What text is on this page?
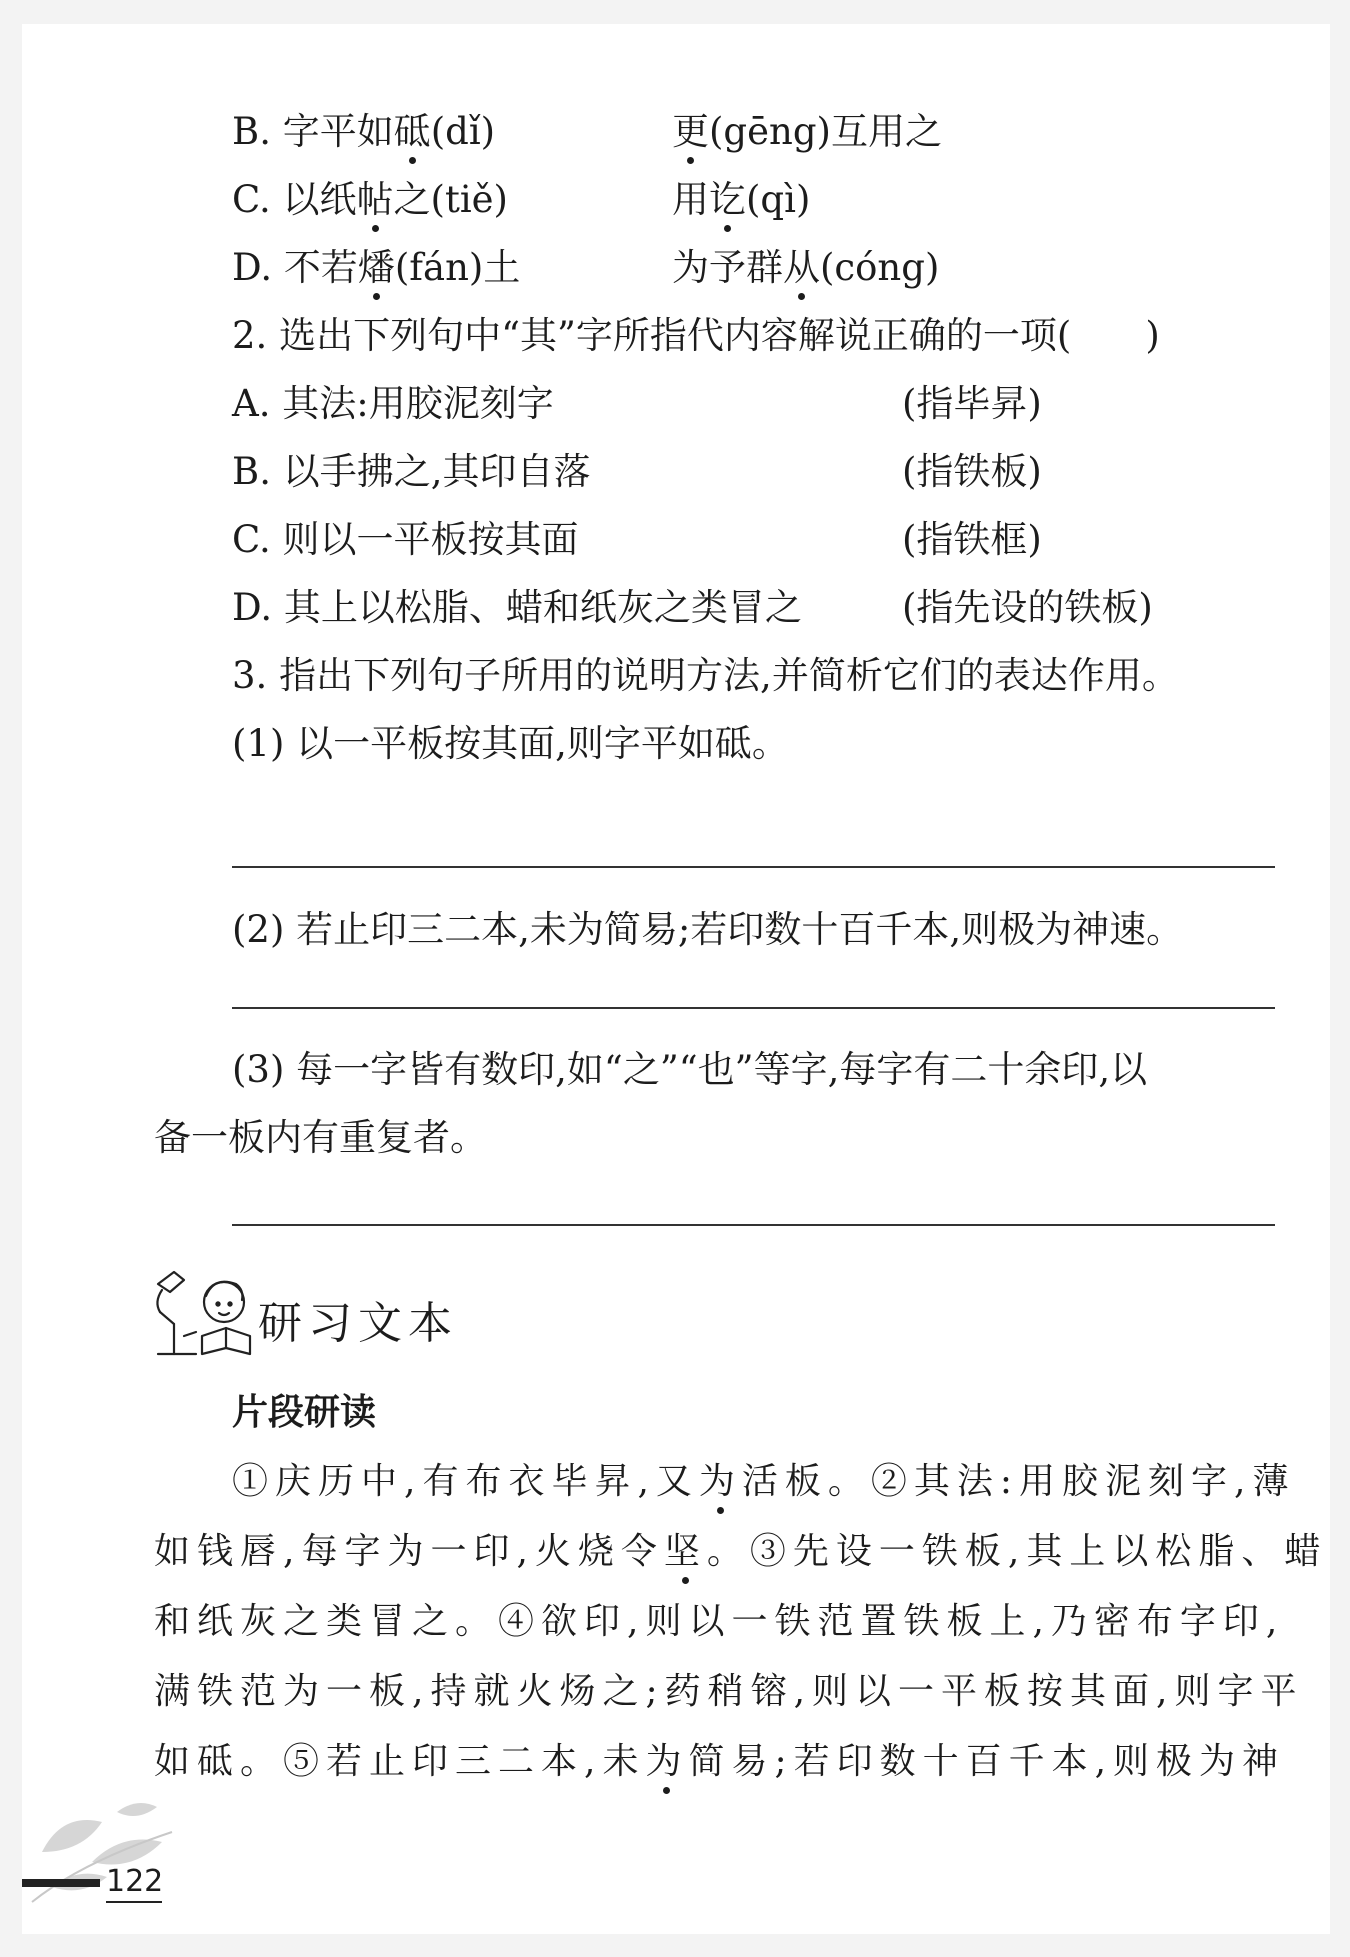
B. 字平如砥(dǐ)	更(gēng)互用之
C. 以纸帖之(tiě)	用讫(qì)
D. 不若燔(fán)土	为予群从(cóng)
2. 选出下列句中“其”字所指代内容解说正确的一项(　　)
A. 其法:用胶泥刻字	(指毕昇)
B. 以手拂之,其印自落	(指铁板)
C. 则以一平板按其面	(指铁框)
D. 其上以松脂、蜡和纸灰之类冒之	(指先设的铁板)
3. 指出下列句子所用的说明方法,并简析它们的表达作用。
(1) 以一平板按其面,则字平如砥。
(2) 若止印三二本,未为简易;若印数十百千本,则极为神速。
(3) 每一字皆有数印,如“之”“也”等字,每字有二十余印,以
备一板内有重复者。
研习文本
片段研读
①庆历中,有布衣毕昇,又为活板。②其法:用胶泥刻字,薄
如钱唇,每字为一印,火烧令坚。③先设一铁板,其上以松脂、蜡
和纸灰之类冒之。④欲印,则以一铁范置铁板上,乃密布字印,
满铁范为一板,持就火炀之;药稍镕,则以一平板按其面,则字平
如砥。⑤若止印三二本,未为简易;若印数十百千本,则极为神
122
